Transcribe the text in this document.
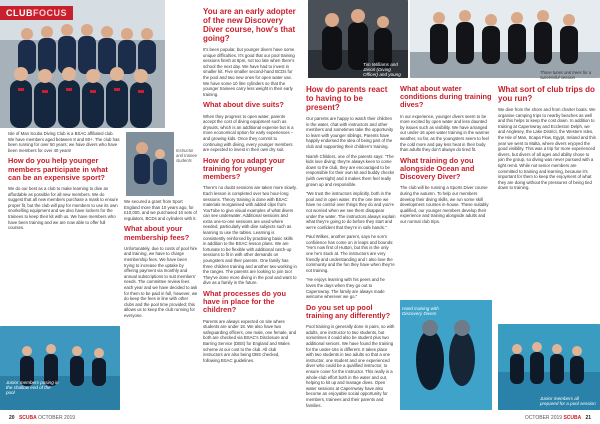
CLUBFOCUS
Instructor and trainee students

Isle of Man Scuba Diving Club is a BSAC affiliated club. We have members aged between 8 and 80+. The club has been running for over 50 years; we have divers who have been members for over 40 years!

How do you help younger members participate in what can be an expensive sport?

We do our best as a club to make learning to dive as affordable as possible for all new members. We do suggest that all new members purchase a mask to ensure proper fit, but the club will pay for members to use its own snorkelling equipment and we also have lockers for the trainees to keep their kit with us. We have members who have been training and we are now able to offer full courses.

Junior members posing in the shallow end of the pool

We secured a grant from Sport England more than 10 years ago, for £10,000, and we purchased 10 sets of regulators, BCDs and cylinders with it.

What about your membership fees?

Unfortunately, due to costs of pool hire and training, we have to charge membership fees. We have been trying to increase the uptake by offering payment via monthly and annual subscriptions to suit members' needs. The committee review fees each year and we have decided to ask for them to be paid in full, however, we do keep the fees in line with other clubs and the pool time provided; this allows us to keep the club running for everyone.

You are an early adopter of the new Discovery Diver course, how's that going?

It's been popular, but younger divers have some unique difficulties. It's good that our pool training sessions finish at 8pm, not too late when there's school the next day. We have had to invest in smaller kit. Five smaller second-hand BCDs for the pool and two new ones for open water use. We have some 10 litre cylinders so that the younger trainees carry less weight in their early training.

What about dive suits?

When they progress to open water, parents accept the cost of diving equipment such as drysuits, which is an additional expense but is a more economical option for early experiences – and growing kids. Once they commit to continuing with diving, every younger members are expected to invest in their own dry suit.

How do you adapt your training for younger members?

There's no doubt sessions are taken more slowly. Each lesson is completed over two hour-long sessions. Theory training is done with BSAC materials reorganised with added clips from YouTube to give visual examples of what divers can see underwater. Additional sessions and extra one-to-one sessions are used where needed, particularly with dive subjects such as learning to use the tables. Learning is consistently reinforced by practising basic skills in addition to the BSAC lesson plans. We are fortunate to be flexible with additional catch-up sessions to fit in with other demands on youngsters and their parents. One family has three children training and another two working in the ranges. The parents are looking to join too! They've done more diving in the pool and want to dive as a family in the future.

What processes do you have in place for the children?

Parents are always expected on site where students are under 18. We also have two safeguarding officers, one male, one female, and both are checked via BSAC's Disclosure and Barring Service (DBS) for England and Wales scheme at our cost to the club. All club instructors are also being DBS checked, following BSAC guidelines.

20 SCUBA OCTOBER 2019
Tim Williams and Jason (Diving Officer) and young trainee
Those tunes and trees for a successful session
How do parents react to having to be present?

Our parents are happy to watch their children in the water, chat with instructors and other members and sometimes take the opportunity to learn with younger siblings. Parents have happily endorsed the idea of being part of the club and supporting their children's training.

Niamh Childers, one of the parents says: "The kids love diving; they're always keen to come down to the club, they are encouraged to be responsible for their own kit and buddy checks (with oversight) and it makes them feel really grown up and responsible.

"We trust the instructors implicitly, both in the pool and in open water. It's the one time we have no control over things they do and you're not worried when we see them disappear under the water. The instructors always explain what they're going to do before they start and we're confident that they're in safe hands."

Paul Wilkes, another parent, says he son's confidence has come on in leaps and bounds: "He's now first of Hutton, but this is the only one he's stuck at. The instructors are very friendly and understanding and I also love the community and the fun they have when they're not training.

"He enjoys learning with his peers and he loves the days when they go out to Capernwray. The family are always made welcome wherever we go."

Do you set up pool training any differently?

Pool training is generally done in pairs, so with adults, one instructor to two students, but sometimes it could also be student plus two additional seniors. We have found the training for the under-16s is different. It takes place with two students in two adults so that a one instructor, one student and one experienced diver who could be a qualified instructor, to ensure cover for the instructor. This really is a whole-club effort both in the water and out, helping to kit up and manage dives. Open water sessions at Capernwray have also become an enjoyable social opportunity for members, trainees and their parents and families.

What about water conditions during training dives?

In our experience, younger divers seem to be more excited by open water and less daunted by issues such as visibility. We have arranged our under-16 open water training in the warmer weather, so far, as the youngsters seem to feel the cold more and pay less heat in their body than adults they don't always do tired fit.

What training do you alongside Ocean and Discovery Diver?

The club will be running a Sports Diver course during the autumn. To help our members develop their diving skills, we run some skill development courses in-house. These suitably qualified, our younger members develop their experience and training alongside adults and our normal club trips.

Hand training with Discovery Divers
What sort of club trips do you run?

We dive from the shore and from charter boats. We organise camping trips to nearby beaches as well and this helps to keep the cost down. In addition to training at Capernwray and Eccleston Delph, we and Anglesey, the Lake District, the Western Isles, the Isle of Man, Scapa Flow, Egypt, Ireland and this year we went to Malta, where divers enjoyed the good visibility. This was a trip for more experienced divers, but divers of all ages and ability chose to join the group, so diving was never pursued with a tight remit. While not senior members are committed to training and learning, because it's important for them to keep the enjoyment of what they are doing without the pressures of being tied down to training.

Junior members all prepared for a pool session
OCTOBER 2019 SCUBA 21
